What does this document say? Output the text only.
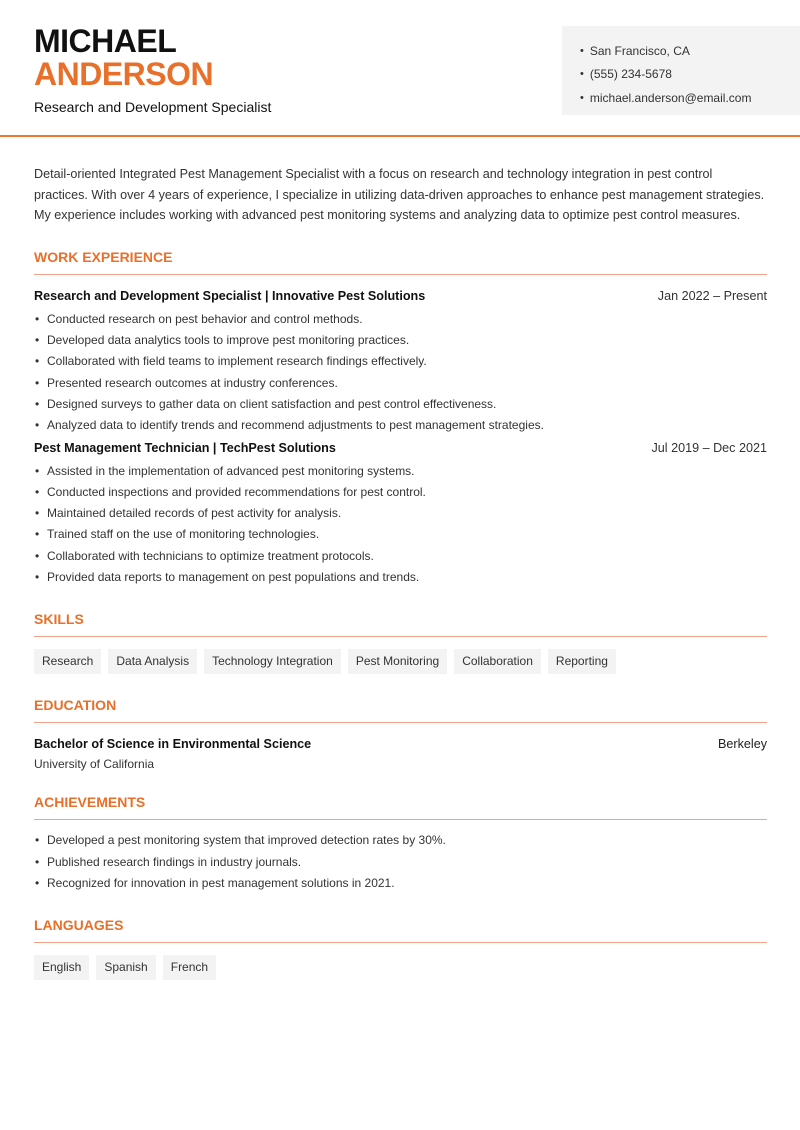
MICHAEL
ANDERSON
Research and Development Specialist
• San Francisco, CA
• (555) 234-5678
• michael.anderson@email.com

Detail-oriented Integrated Pest Management Specialist with a focus on research and technology integration in pest control practices. With over 4 years of experience, I specialize in utilizing data-driven approaches to enhance pest management strategies. My experience includes working with advanced pest monitoring systems and analyzing data to optimize pest control measures.

WORK EXPERIENCE
Research and Development Specialist | Innovative Pest Solutions	Jan 2022 – Present
• Conducted research on pest behavior and control methods.
• Developed data analytics tools to improve pest monitoring practices.
• Collaborated with field teams to implement research findings effectively.
• Presented research outcomes at industry conferences.
• Designed surveys to gather data on client satisfaction and pest control effectiveness.
• Analyzed data to identify trends and recommend adjustments to pest management strategies.
Pest Management Technician | TechPest Solutions	Jul 2019 – Dec 2021
• Assisted in the implementation of advanced pest monitoring systems.
• Conducted inspections and provided recommendations for pest control.
• Maintained detailed records of pest activity for analysis.
• Trained staff on the use of monitoring technologies.
• Collaborated with technicians to optimize treatment protocols.
• Provided data reports to management on pest populations and trends.
SKILLS
Research	Data Analysis	Technology Integration	Pest Monitoring	Collaboration	Reporting
EDUCATION
Bachelor of Science in Environmental Science	Berkeley
University of California
ACHIEVEMENTS
• Developed a pest monitoring system that improved detection rates by 30%.
• Published research findings in industry journals.
• Recognized for innovation in pest management solutions in 2021.
LANGUAGES
English	Spanish	French
